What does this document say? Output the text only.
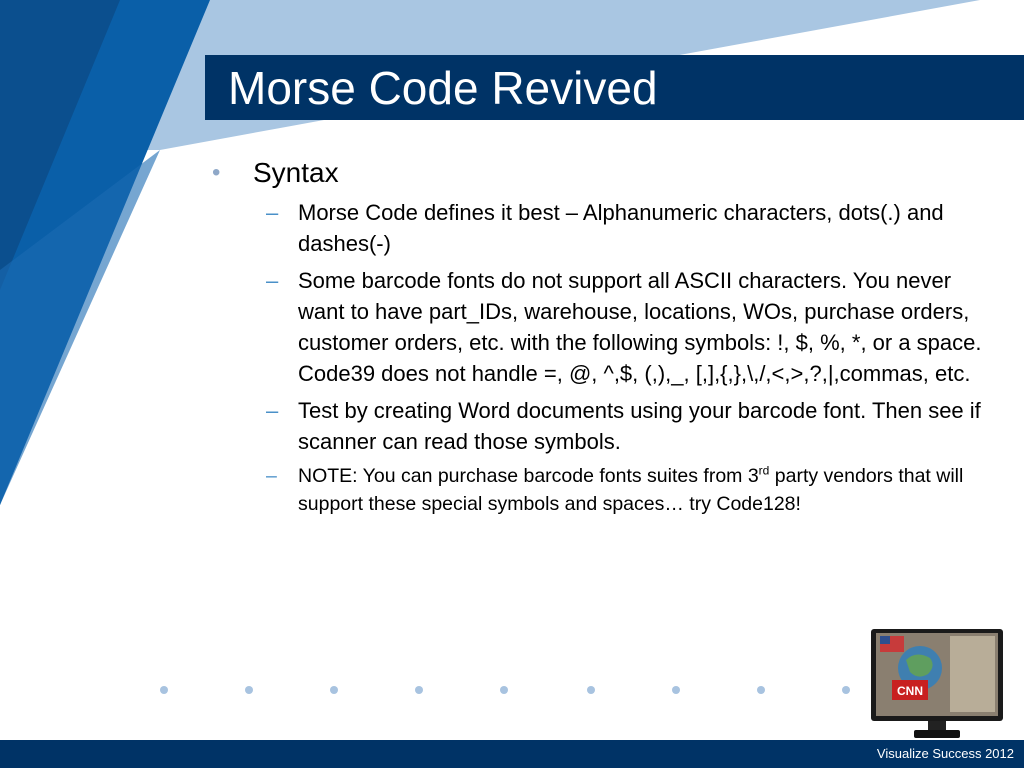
Morse Code Revived
• Syntax
– Morse Code defines it best – Alphanumeric characters, dots(.) and dashes(-)
– Some barcode fonts do not support all ASCII characters. You never want to have part_IDs, warehouse, locations, WOs, purchase orders, customer orders, etc. with the following symbols: !, $, %, *, or a space. Code39 does not handle =, @, ^,$, (,),_, [,],{,},\,/,<,>,?,|,commas, etc.
– Test by creating Word documents using your barcode font. Then see if scanner can read those symbols.
– NOTE: You can purchase barcode fonts suites from 3rd party vendors that will support these special symbols and spaces… try Code128!
CNN
Visualize Success 2012
